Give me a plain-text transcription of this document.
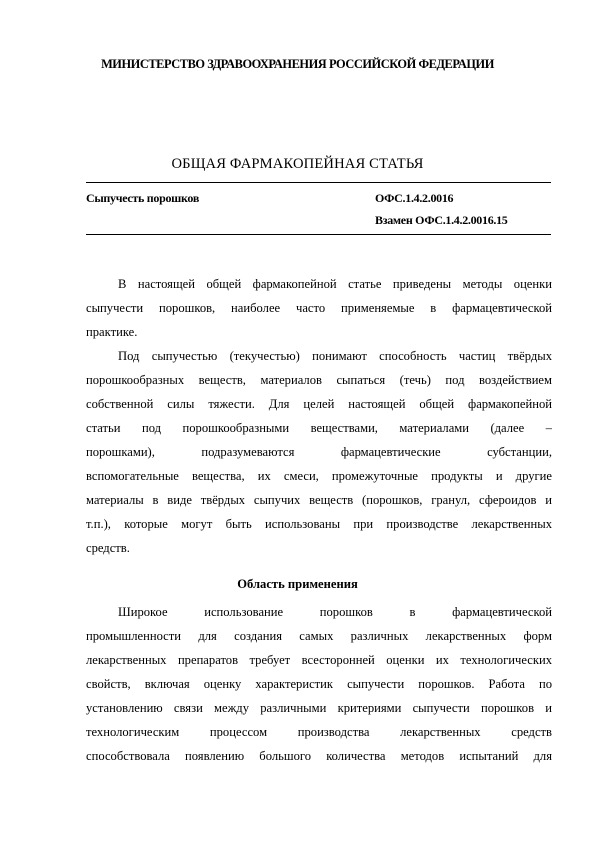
МИНИСТЕРСТВО ЗДРАВООХРАНЕНИЯ РОССИЙСКОЙ ФЕДЕРАЦИИ
ОБЩАЯ ФАРМАКОПЕЙНАЯ СТАТЬЯ
Сыпучесть порошков	ОФС.1.4.2.0016
Взамен ОФС.1.4.2.0016.15
В настоящей общей фармакопейной статье приведены методы оценки
сыпучести порошков, наиболее часто применяемые в фармацевтической
практике.
Под сыпучестью (текучестью) понимают способность частиц твёрдых
порошкообразных веществ, материалов сыпаться (течь) под воздействием
собственной силы тяжести. Для целей настоящей общей фармакопейной
статьи под порошкообразными веществами, материалами (далее –
порошками), подразумеваются фармацевтические субстанции,
вспомогательные вещества, их смеси, промежуточные продукты и другие
материалы в виде твёрдых сыпучих веществ (порошков, гранул, сфероидов и
т.п.), которые могут быть использованы при производстве лекарственных
средств.
Область применения
Широкое использование порошков в фармацевтической
промышленности для создания самых различных лекарственных форм
лекарственных препаратов требует всесторонней оценки их технологических
свойств, включая оценку характеристик сыпучести порошков. Работа по
установлению связи между различными критериями сыпучести порошков и
технологическим процессом производства лекарственных средств
способствовала появлению большого количества методов испытаний для
